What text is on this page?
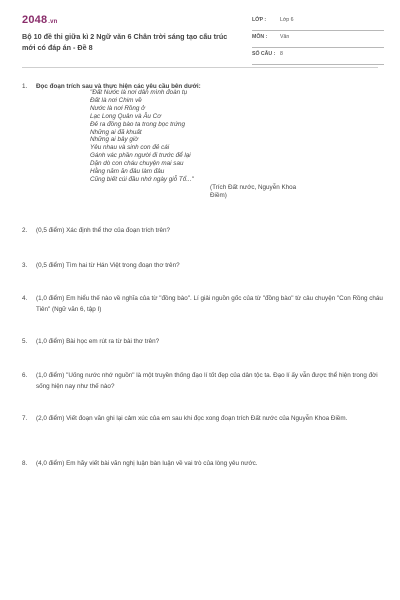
2048.vn
Bộ 10 đề thi giữa kì 2 Ngữ văn 6 Chân trời sáng tạo cấu trúc mới có đáp án - Đề 8
LỚP :	Lớp 6
MÔN : Văn
SỐ CÂU : 8
1. Đọc đoạn trích sau và thực hiện các yêu cầu bên dưới:
"Đất Nước là nơi dân mình đoàn tụ
Đất là nơi Chim về
Nước là nơi Rồng ở
Lạc Long Quân và Âu Cơ
Đẻ ra đồng bào ta trong bọc trứng
Những ai đã khuất
Những ai bây giờ
Yêu nhau và sinh con đẻ cái
Gánh vác phần người đi trước để lại
Dặn dò con cháu chuyện mai sau
Hằng năm ăn đâu làm đâu
Cũng biết cúi đầu nhớ ngày giỗ Tổ..."
(Trích Đất nước, Nguyễn Khoa Điềm)
2. (0,5 điểm) Xác định thể thơ của đoạn trích trên?
3. (0,5 điểm) Tìm hai từ Hán Việt trong đoạn thơ trên?
4. (1,0 điểm) Em hiểu thế nào về nghĩa của từ "đồng bào". Lí giải nguồn gốc của từ "đồng bào" từ câu chuyện "Con Rồng cháu Tiên" (Ngữ văn 6, tập I)
5. (1,0 điểm) Bài học em rút ra từ bài thơ trên?
6. (1,0 điểm) "Uống nước nhớ nguồn" là một truyền thống đạo lí tốt đẹp của dân tộc ta. Đạo lí ấy vẫn được thể hiện trong đời sống hiện nay như thế nào?
7. (2,0 điểm) Viết đoạn văn ghi lại cảm xúc của em sau khi đọc xong đoạn trích Đất nước của Nguyễn Khoa Điềm.
8. (4,0 điểm) Em hãy viết bài văn nghị luận bàn luận về vai trò của lòng yêu nước.
